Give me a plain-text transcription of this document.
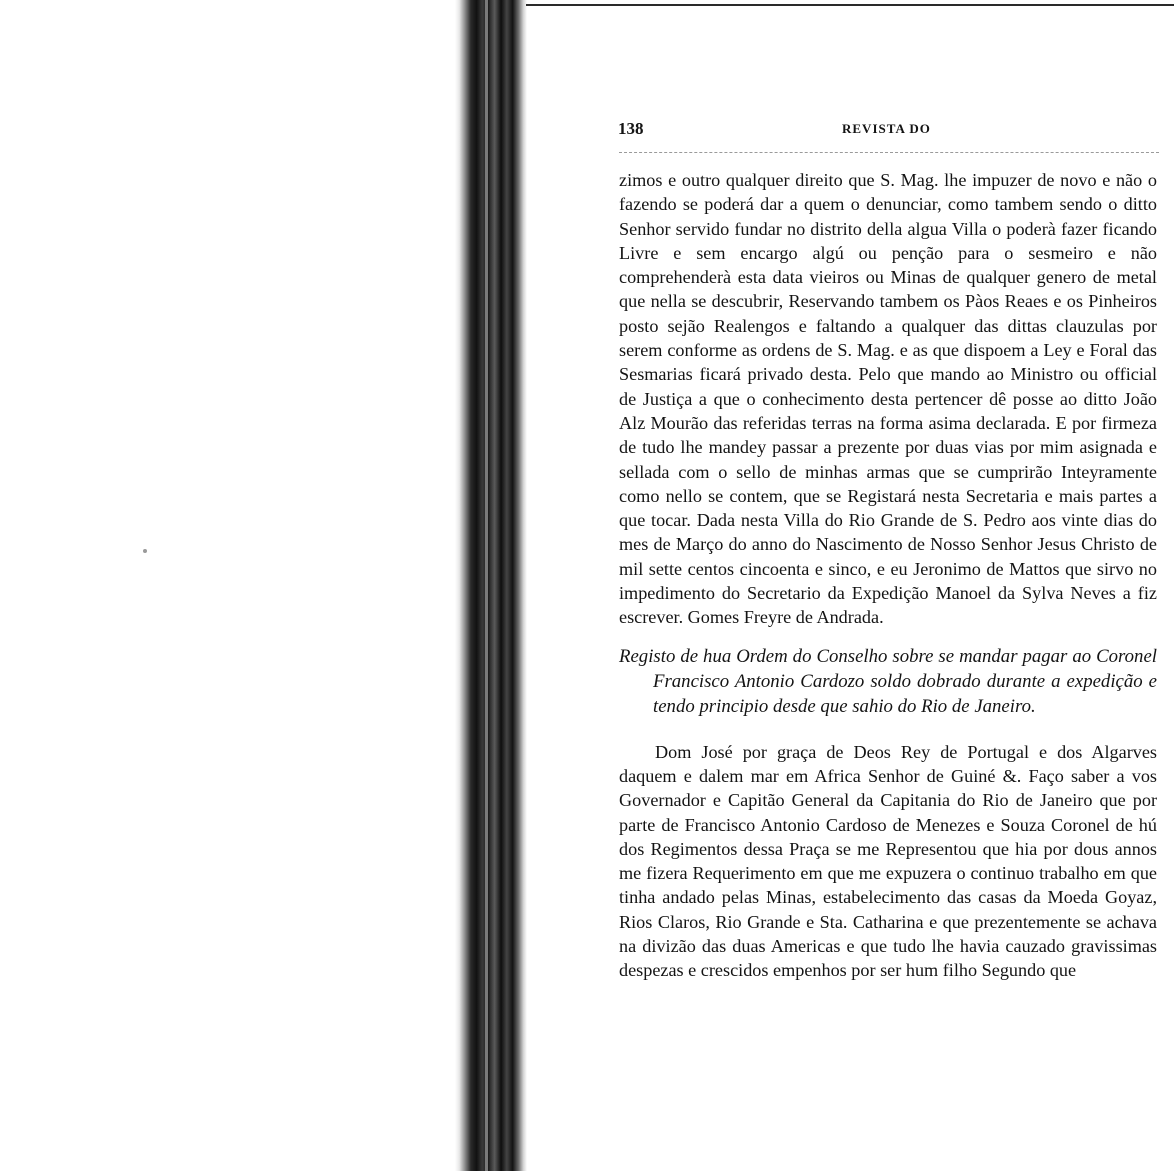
138	REVISTA DO

zimos e outro qualquer direito que S. Mag. lhe impuzer de novo e não o fazendo se poderá dar a quem o denunciar, como tambem sendo o ditto Senhor servido fundar no distrito della algua Villa o poderà fazer ficando Livre e sem encargo algú ou penção para o sesmeiro e não comprehenderà esta data vieiros ou Minas de qualquer genero de metal que nella se descubrir, Reservando tambem os Pàos Reaes e os Pinheiros posto sejão Realengos e faltando a qualquer das dittas clauzulas por serem conforme as ordens de S. Mag. e as que dispoem a Ley e Foral das Sesmarias ficará privado desta. Pelo que mando ao Ministro ou official de Justiça a que o conhecimento desta pertencer dê posse ao ditto João Alz Mourão das referidas terras na forma asima declarada. E por firmeza de tudo lhe mandey passar a prezente por duas vias por mim asignada e sellada com o sello de minhas armas que se cumprirão Inteyramente como nello se contem, que se Registará nesta Secretaria e mais partes a que tocar. Dada nesta Villa do Rio Grande de S. Pedro aos vinte dias do mes de Março do anno do Nascimento de Nosso Senhor Jesus Christo de mil sette centos cincoenta e sinco, e eu Jeronimo de Mattos que sirvo no impedimento do Secretario da Expedição Manoel da Sylva Neves a fiz escrever. Gomes Freyre de Andrada.

Registo de hua Ordem do Conselho sobre se mandar pagar ao Coronel Francisco Antonio Cardozo soldo dobrado durante a expedição e tendo principio desde que sahio do Rio de Janeiro.

Dom José por graça de Deos Rey de Portugal e dos Algarves daquem e dalem mar em Africa Senhor de Guiné &. Faço saber a vos Governador e Capitão General da Capitania do Rio de Janeiro que por parte de Francisco Antonio Cardoso de Menezes e Souza Coronel de hú dos Regimentos dessa Praça se me Representou que hia por dous annos me fizera Requerimento em que me expuzera o continuo trabalho em que tinha andado pelas Minas, estabelecimento das casas da Moeda Goyaz, Rios Claros, Rio Grande e Sta. Catharina e que prezentemente se achava na divizão das duas Americas e que tudo lhe havia cauzado gravissimas despezas e crescidos empenhos por ser hum filho Segundo que
